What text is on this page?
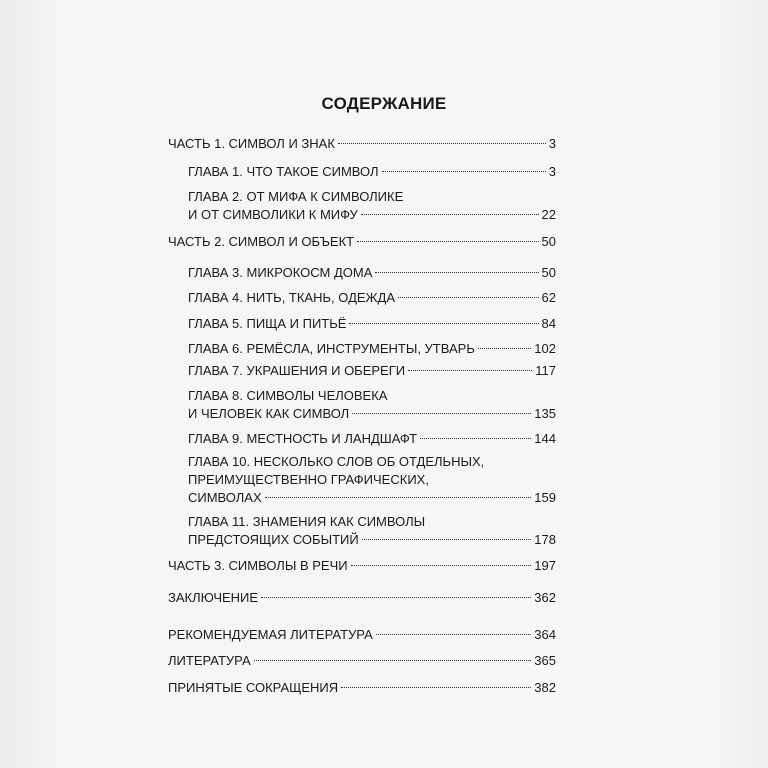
СОДЕРЖАНИЕ
ЧАСТЬ 1. СИМВОЛ И ЗНАК	3
ГЛАВА 1. ЧТО ТАКОЕ СИМВОЛ	3
ГЛАВА 2. ОТ МИФА К СИМВОЛИКЕ
И ОТ СИМВОЛИКИ К МИФУ	22
ЧАСТЬ 2. СИМВОЛ И ОБЪЕКТ	50
ГЛАВА 3. МИКРОКОСМ ДОМА	50
ГЛАВА 4. НИТЬ, ТКАНЬ, ОДЕЖДА	62
ГЛАВА 5. ПИЩА И ПИТЬЁ	84
ГЛАВА 6. РЕМЁСЛА, ИНСТРУМЕНТЫ, УТВАРЬ	102
ГЛАВА 7. УКРАШЕНИЯ И ОБЕРЕГИ	117
ГЛАВА 8. СИМВОЛЫ ЧЕЛОВЕКА
И ЧЕЛОВЕК КАК СИМВОЛ	135
ГЛАВА 9. МЕСТНОСТЬ И ЛАНДШАФТ	144
ГЛАВА 10. НЕСКОЛЬКО СЛОВ ОБ ОТДЕЛЬНЫХ,
ПРЕИМУЩЕСТВЕННО ГРАФИЧЕСКИХ,
СИМВОЛАХ	159
ГЛАВА 11. ЗНАМЕНИЯ КАК СИМВОЛЫ
ПРЕДСТОЯЩИХ СОБЫТИЙ	178
ЧАСТЬ 3. СИМВОЛЫ В РЕЧИ	197
ЗАКЛЮЧЕНИЕ	362
РЕКОМЕНДУЕМАЯ ЛИТЕРАТУРА	364
ЛИТЕРАТУРА	365
ПРИНЯТЫЕ СОКРАЩЕНИЯ	382
